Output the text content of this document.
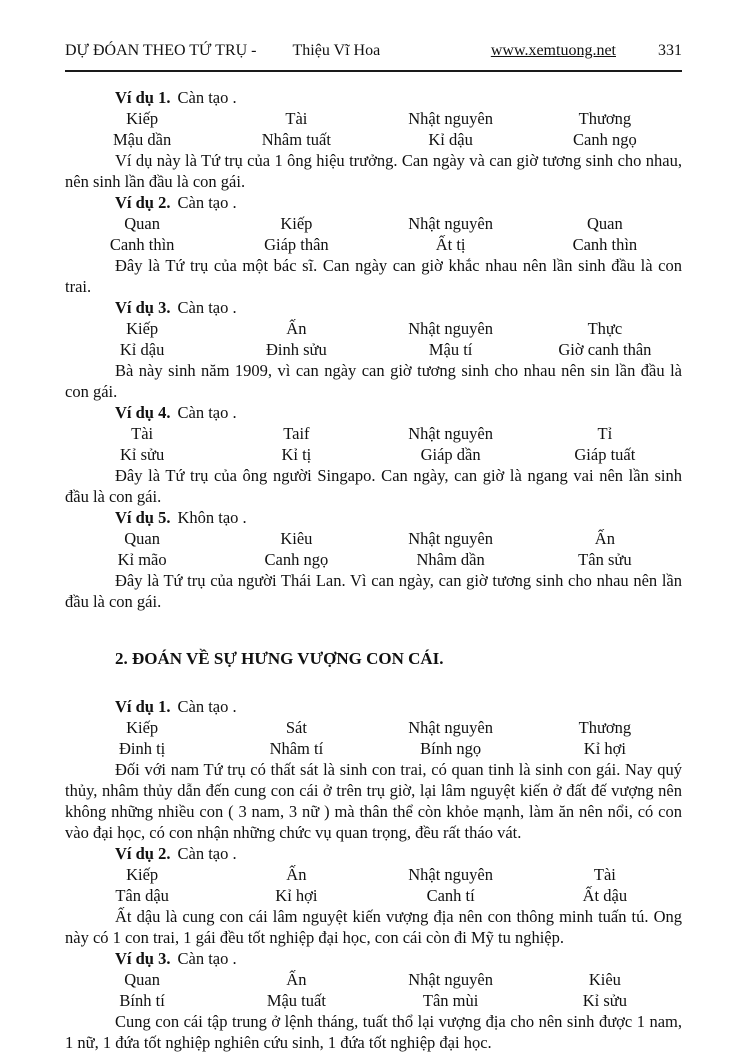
DỰ ĐÓAN THEO TỨ TRỤ - Thiệu Vĩ Hoa	www.xemtuong.net	331

Ví dụ 1. Càn tạo .

Kiếp	Tài	Nhật nguyên	Thương
Mậu dần	Nhâm tuất	Kỉ dậu	Canh ngọ

Ví dụ này là Tứ trụ của 1 ông hiệu trưởng. Can ngày và can giờ tương sinh cho nhau, nên sinh lần đầu là con gái.

Ví dụ 2. Càn tạo .

Quan	Kiếp	Nhật nguyên	Quan
Canh thìn	Giáp thân	Ất tị	Canh thìn

Đây là Tứ trụ của một bác sĩ. Can ngày can giờ khắc nhau nên lần sinh đầu là con trai.

Ví dụ 3. Càn tạo .

Kiếp	Ấn	Nhật nguyên	Thực
Kỉ dậu	Đinh sửu	Mậu tí	Giờ canh thân

Bà này sinh năm 1909, vì can ngày can giờ tương sinh cho nhau nên sin lần đầu là con gái.

Ví dụ 4. Càn tạo .

Tài	Taif	Nhật nguyên	Tỉ
Kỉ sửu	Kỉ tị	Giáp dần	Giáp tuất

Đây là Tứ trụ của ông người Singapo. Can ngày, can giờ là ngang vai nên lần sinh đầu là con gái.

Ví dụ 5. Khôn tạo .

Quan	Kiêu	Nhật nguyên	Ấn
Kỉ mão	Canh ngọ	Nhâm dần	Tân sửu

Đây là Tứ trụ của người Thái Lan. Vì can ngày, can giờ tương sinh cho nhau nên lần đầu là con gái.

2. ĐOÁN VỀ SỰ HƯNG VƯỢNG CON CÁI.

Ví dụ 1. Càn tạo .

Kiếp	Sát	Nhật nguyên	Thương
Đinh tị	Nhâm tí	Bính ngọ	Kỉ hợi

Đối với nam Tứ trụ có thất sát là sinh con trai, có quan tinh là sinh con gái. Nay quý thủy, nhâm thủy dẫn đến cung con cái ở trên trụ giờ, lại lâm nguyệt kiến ở đất đế vượng nên không những nhiều con ( 3 nam, 3 nữ ) mà thân thể còn khỏe mạnh, làm ăn nên nổi, có con vào đại học, có con nhận những chức vụ quan trọng, đều rất tháo vát.

Ví dụ 2. Càn tạo .

Kiếp	Ấn	Nhật nguyên	Tài
Tân dậu	Kỉ hợi	Canh tí	Ất dậu

Ất dậu là cung con cái lâm nguyệt kiến vượng địa nên con thông minh tuấn tú. Ong này có 1 con trai, 1 gái đều tốt nghiệp đại học, con cái còn đi Mỹ tu nghiệp.

Ví dụ 3. Càn tạo .

Quan	Ấn	Nhật nguyên	Kiêu
Bính tí	Mậu tuất	Tân mùi	Kỉ sửu

Cung con cái tập trung ở lệnh tháng, tuất thổ lại vượng địa cho nên sinh được 1 nam, 1 nữ, 1 đứa tốt nghiệp nghiên cứu sinh, 1 đứa tốt nghiệp đại học.
